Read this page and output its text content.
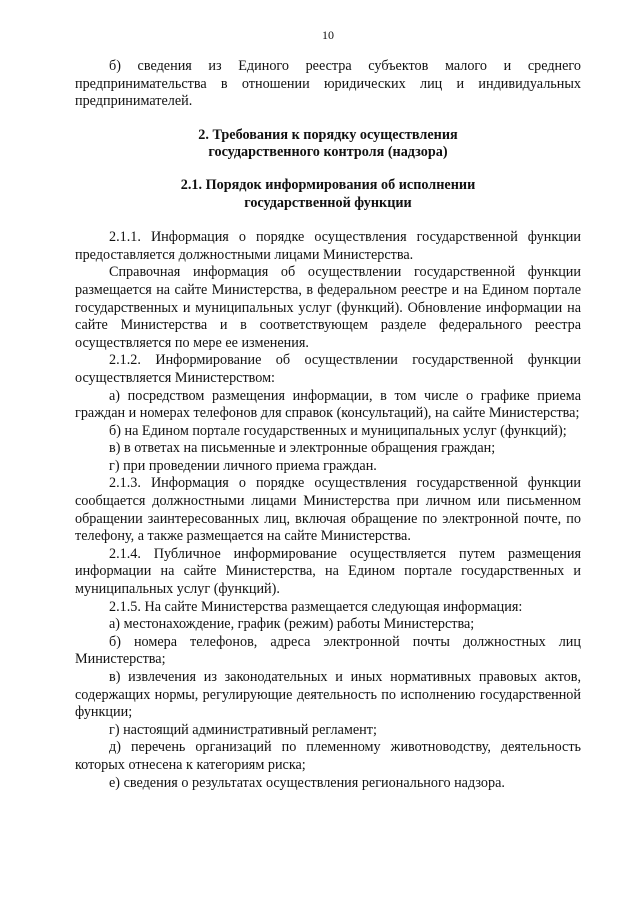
10

б) сведения из Единого реестра субъектов малого и среднего предпринимательства в отношении юридических лиц и индивидуальных предпринимателей.

2. Требования к порядку осуществления
государственного контроля (надзора)
2.1. Порядок информирования об исполнении
государственной функции

2.1.1. Информация о порядке осуществления государственной функции предоставляется должностными лицами Министерства.

Справочная информация об осуществлении государственной функции размещается на сайте Министерства, в федеральном реестре и на Едином портале государственных и муниципальных услуг (функций). Обновление информации на сайте Министерства и в соответствующем разделе федерального реестра осуществляется по мере ее изменения.

2.1.2. Информирование об осуществлении государственной функции осуществляется Министерством:

а) посредством размещения информации, в том числе о графике приема граждан и номерах телефонов для справок (консультаций), на сайте Министерства;

б) на Едином портале государственных и муниципальных услуг (функций);

в) в ответах на письменные и электронные обращения граждан;

г) при проведении личного приема граждан.

2.1.3. Информация о порядке осуществления государственной функции сообщается должностными лицами Министерства при личном или письменном обращении заинтересованных лиц, включая обращение по электронной почте, по телефону, а также размещается на сайте Министерства.

2.1.4. Публичное информирование осуществляется путем размещения информации на сайте Министерства, на Едином портале государственных и муниципальных услуг (функций).

2.1.5. На сайте Министерства размещается следующая информация:

а) местонахождение, график (режим) работы Министерства;

б) номера телефонов, адреса электронной почты должностных лиц Министерства;

в) извлечения из законодательных и иных нормативных правовых актов, содержащих нормы, регулирующие деятельность по исполнению государственной функции;

г) настоящий административный регламент;

д) перечень организаций по племенному животноводству, деятельность которых отнесена к категориям риска;

е) сведения о результатах осуществления регионального надзора.
